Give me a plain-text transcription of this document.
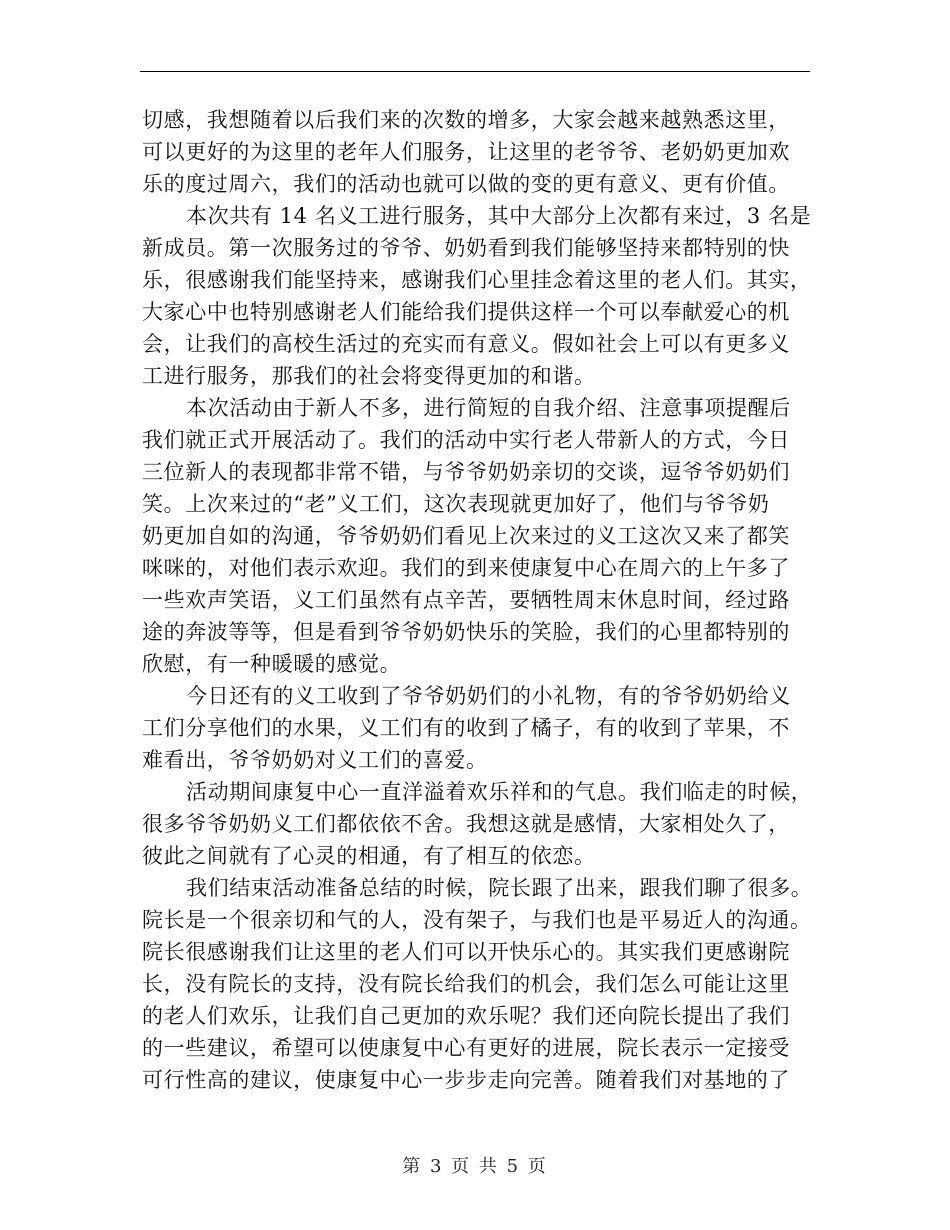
切感，我想随着以后我们来的次数的增多，大家会越来越熟悉这里，
可以更好的为这里的老年人们服务，让这里的老爷爷、老奶奶更加欢
乐的度过周六，我们的活动也就可以做的变的更有意义、更有价值。
本次共有 14 名义工进行服务，其中大部分上次都有来过，3 名是
新成员。第一次服务过的爷爷、奶奶看到我们能够坚持来都特别的快
乐，很感谢我们能坚持来，感谢我们心里挂念着这里的老人们。其实，
大家心中也特别感谢老人们能给我们提供这样一个可以奉献爱心的机
会，让我们的高校生活过的充实而有意义。假如社会上可以有更多义
工进行服务，那我们的社会将变得更加的和谐。
本次活动由于新人不多，进行简短的自我介绍、注意事项提醒后
我们就正式开展活动了。我们的活动中实行老人带新人的方式，今日
三位新人的表现都非常不错，与爷爷奶奶亲切的交谈，逗爷爷奶奶们
笑。上次来过的“老”义工们，这次表现就更加好了，他们与爷爷奶
奶更加自如的沟通，爷爷奶奶们看见上次来过的义工这次又来了都笑
咪咪的，对他们表示欢迎。我们的到来使康复中心在周六的上午多了
一些欢声笑语，义工们虽然有点辛苦，要牺牲周末休息时间，经过路
途的奔波等等，但是看到爷爷奶奶快乐的笑脸，我们的心里都特别的
欣慰，有一种暖暖的感觉。
今日还有的义工收到了爷爷奶奶们的小礼物，有的爷爷奶奶给义
工们分享他们的水果，义工们有的收到了橘子，有的收到了苹果，不
难看出，爷爷奶奶对义工们的喜爱。
活动期间康复中心一直洋溢着欢乐祥和的气息。我们临走的时候，
很多爷爷奶奶义工们都依依不舍。我想这就是感情，大家相处久了，
彼此之间就有了心灵的相通，有了相互的依恋。
我们结束活动准备总结的时候，院长跟了出来，跟我们聊了很多。
院长是一个很亲切和气的人，没有架子，与我们也是平易近人的沟通。
院长很感谢我们让这里的老人们可以开快乐心的。其实我们更感谢院
长，没有院长的支持，没有院长给我们的机会，我们怎么可能让这里
的老人们欢乐，让我们自己更加的欢乐呢？我们还向院长提出了我们
的一些建议，希望可以使康复中心有更好的进展，院长表示一定接受
可行性高的建议，使康复中心一步步走向完善。随着我们对基地的了
第 3 页 共 5 页
